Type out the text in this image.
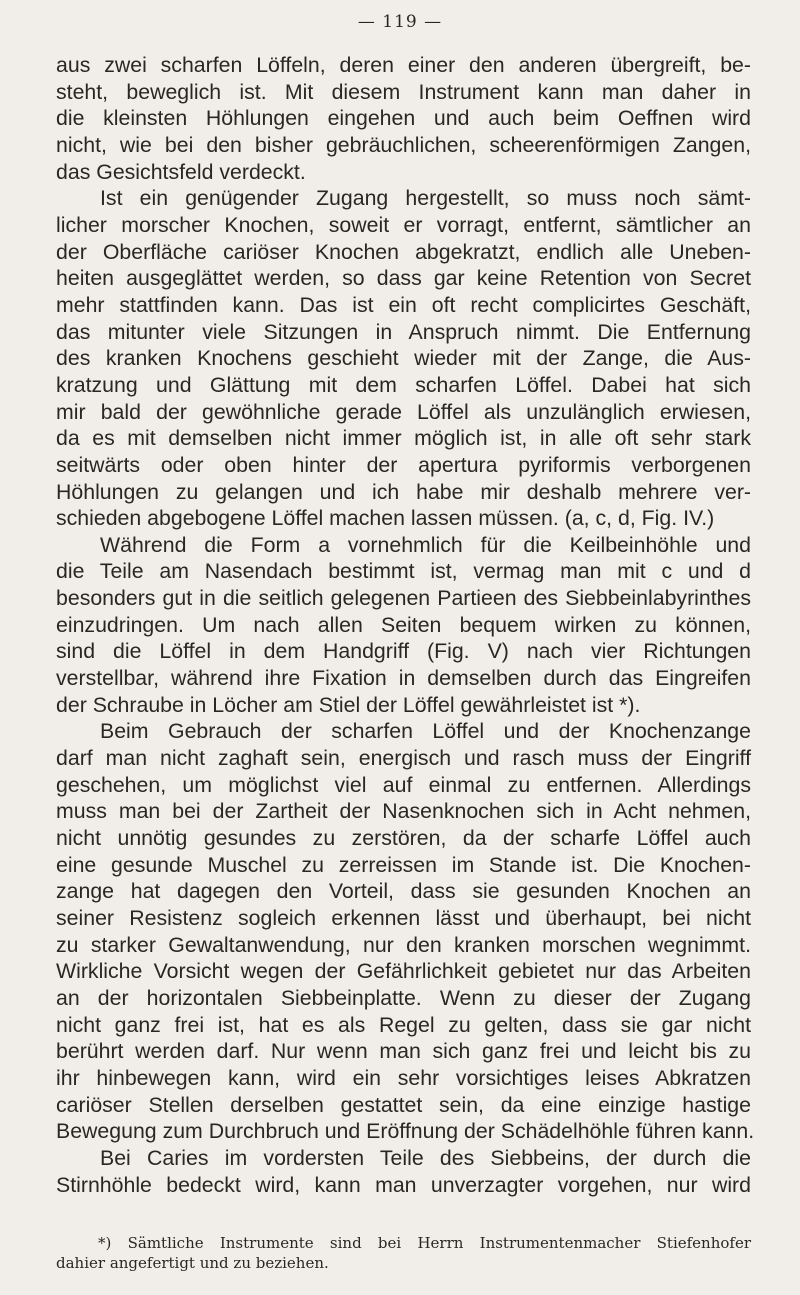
— 119 —
aus zwei scharfen Löffeln, deren einer den anderen übergreift, be-
steht, beweglich ist. Mit diesem Instrument kann man daher in
die kleinsten Höhlungen eingehen und auch beim Oeffnen wird
nicht, wie bei den bisher gebräuchlichen, scheerenförmigen Zangen,
das Gesichtsfeld verdeckt.
Ist ein genügender Zugang hergestellt, so muss noch sämt-
licher morscher Knochen, soweit er vorragt, entfernt, sämtlicher an
der Oberfläche cariöser Knochen abgekratzt, endlich alle Uneben-
heiten ausgeglättet werden, so dass gar keine Retention von Secret
mehr stattfinden kann. Das ist ein oft recht complicirtes Geschäft,
das mitunter viele Sitzungen in Anspruch nimmt. Die Entfernung
des kranken Knochens geschieht wieder mit der Zange, die Aus-
kratzung und Glättung mit dem scharfen Löffel. Dabei hat sich
mir bald der gewöhnliche gerade Löffel als unzulänglich erwiesen,
da es mit demselben nicht immer möglich ist, in alle oft sehr stark
seitwärts oder oben hinter der apertura pyriformis verborgenen
Höhlungen zu gelangen und ich habe mir deshalb mehrere ver-
schieden abgebogene Löffel machen lassen müssen. (a, c, d, Fig. IV.)
Während die Form a vornehmlich für die Keilbeinhöhle und
die Teile am Nasendach bestimmt ist, vermag man mit c und d
besonders gut in die seitlich gelegenen Partieen des Siebbeinlabyrinthes
einzudringen. Um nach allen Seiten bequem wirken zu können,
sind die Löffel in dem Handgriff (Fig. V) nach vier Richtungen
verstellbar, während ihre Fixation in demselben durch das Eingreifen
der Schraube in Löcher am Stiel der Löffel gewährleistet ist *).
Beim Gebrauch der scharfen Löffel und der Knochenzange
darf man nicht zaghaft sein, energisch und rasch muss der Eingriff
geschehen, um möglichst viel auf einmal zu entfernen. Allerdings
muss man bei der Zartheit der Nasenknochen sich in Acht nehmen,
nicht unnötig gesundes zu zerstören, da der scharfe Löffel auch
eine gesunde Muschel zu zerreissen im Stande ist. Die Knochen-
zange hat dagegen den Vorteil, dass sie gesunden Knochen an
seiner Resistenz sogleich erkennen lässt und überhaupt, bei nicht
zu starker Gewaltanwendung, nur den kranken morschen wegnimmt.
Wirkliche Vorsicht wegen der Gefährlichkeit gebietet nur das Arbeiten
an der horizontalen Siebbeinplatte. Wenn zu dieser der Zugang
nicht ganz frei ist, hat es als Regel zu gelten, dass sie gar nicht
berührt werden darf. Nur wenn man sich ganz frei und leicht bis zu
ihr hinbewegen kann, wird ein sehr vorsichtiges leises Abkratzen
cariöser Stellen derselben gestattet sein, da eine einzige hastige
Bewegung zum Durchbruch und Eröffnung der Schädelhöhle führen kann.
Bei Caries im vordersten Teile des Siebbeins, der durch die
Stirnhöhle bedeckt wird, kann man unverzagter vorgehen, nur wird
*) Sämtliche Instrumente sind bei Herrn Instrumentenmacher Stiefenhofer
dahier angefertigt und zu beziehen.
